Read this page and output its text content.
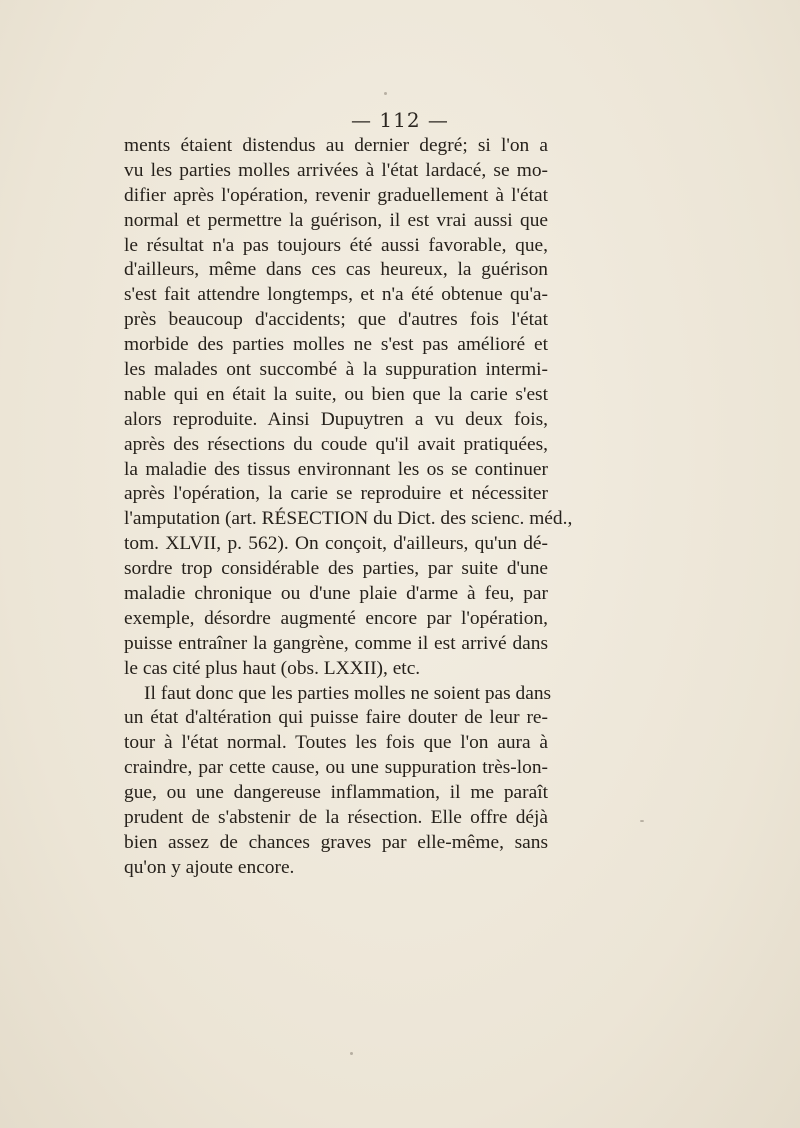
— 112 —
ments étaient distendus au dernier degré; si l'on a
vu les parties molles arrivées à l'état lardacé, se mo-
difier après l'opération, revenir graduellement à l'état
normal et permettre la guérison, il est vrai aussi que
le résultat n'a pas toujours été aussi favorable, que,
d'ailleurs, même dans ces cas heureux, la guérison
s'est fait attendre longtemps, et n'a été obtenue qu'a-
près beaucoup d'accidents; que d'autres fois l'état
morbide des parties molles ne s'est pas amélioré et
les malades ont succombé à la suppuration intermi-
nable qui en était la suite, ou bien que la carie s'est
alors reproduite. Ainsi Dupuytren a vu deux fois,
après des résections du coude qu'il avait pratiquées,
la maladie des tissus environnant les os se continuer
après l'opération, la carie se reproduire et nécessiter
l'amputation (art. RÉSECTION du Dict. des scienc. méd.,
tom. XLVII, p. 562). On conçoit, d'ailleurs, qu'un dé-
sordre trop considérable des parties, par suite d'une
maladie chronique ou d'une plaie d'arme à feu, par
exemple, désordre augmenté encore par l'opération,
puisse entraîner la gangrène, comme il est arrivé dans
le cas cité plus haut (obs. LXXII), etc.
Il faut donc que les parties molles ne soient pas dans
un état d'altération qui puisse faire douter de leur re-
tour à l'état normal. Toutes les fois que l'on aura à
craindre, par cette cause, ou une suppuration très-lon-
gue, ou une dangereuse inflammation, il me paraît
prudent de s'abstenir de la résection. Elle offre déjà
bien assez de chances graves par elle-même, sans
qu'on y ajoute encore.
